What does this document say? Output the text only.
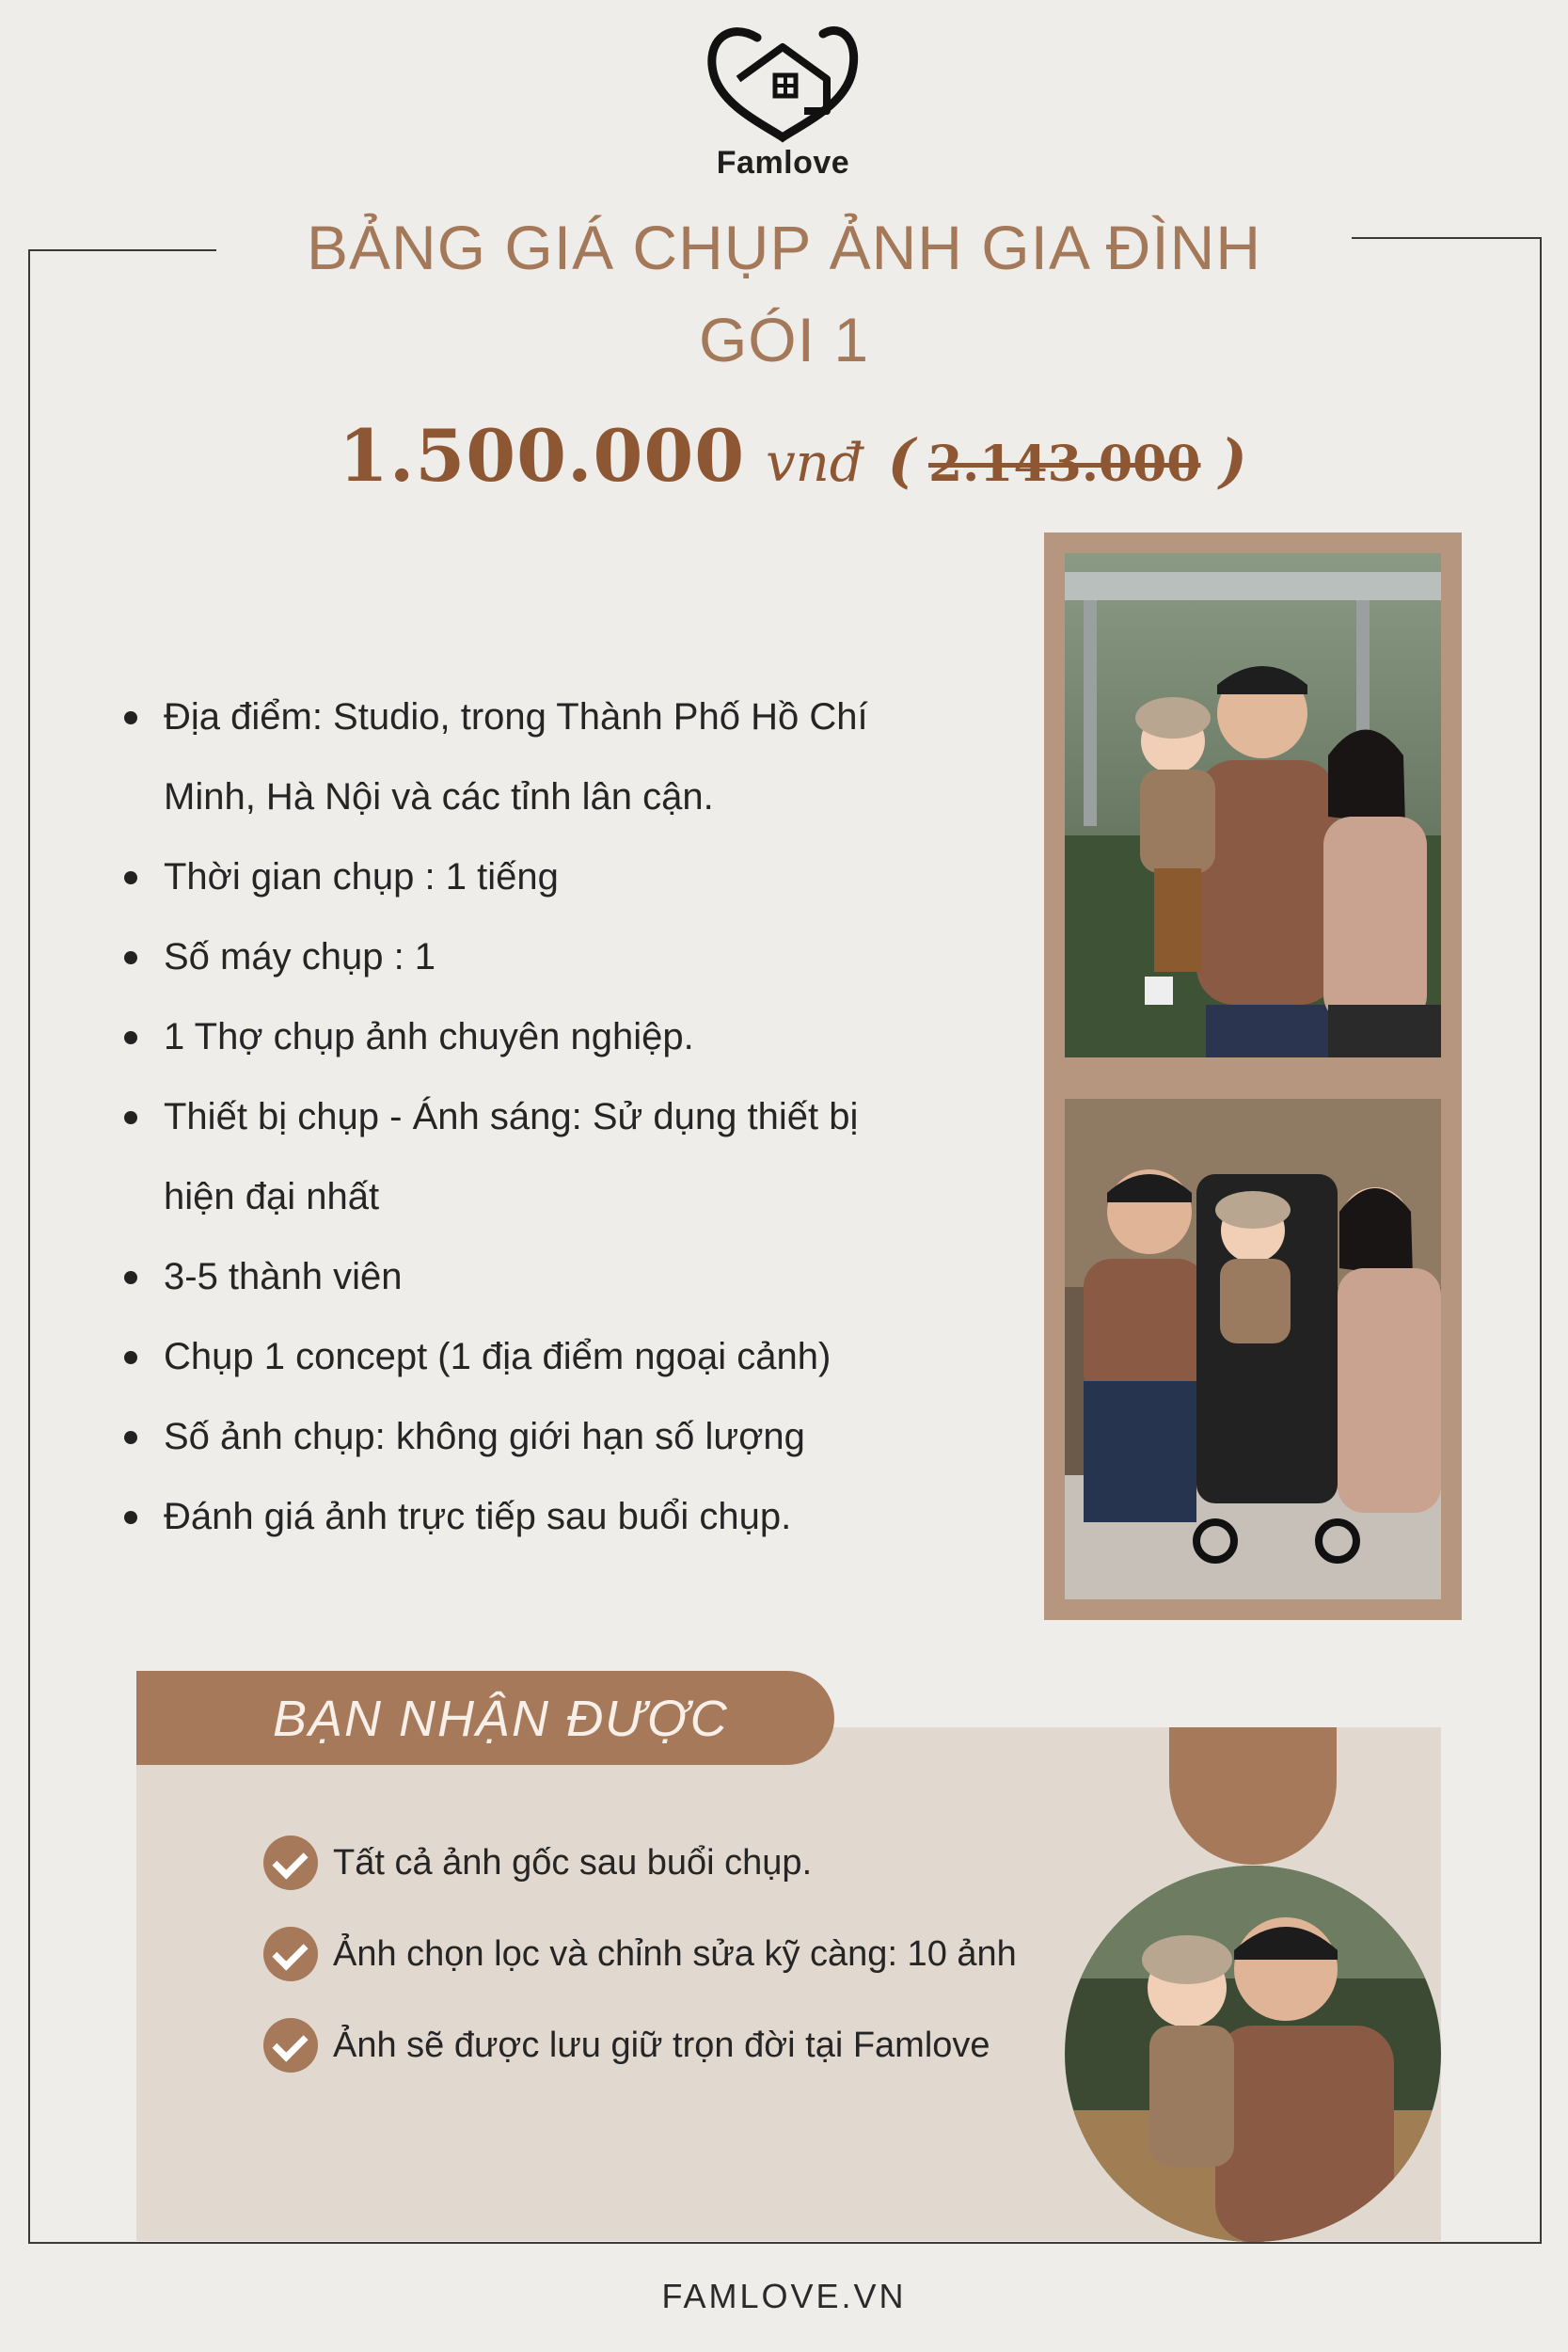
Famlove
BẢNG GIÁ CHỤP ẢNH GIA ĐÌNH
GÓI 1
1.500.000 vnđ ( 2.143.000 )
Địa điểm: Studio, trong Thành Phố Hồ Chí
Minh, Hà Nội và các tỉnh lân cận.
Thời gian chụp : 1 tiếng
Số máy chụp : 1
1 Thợ chụp ảnh chuyên nghiệp.
Thiết bị chụp - Ánh sáng: Sử dụng thiết bị
hiện đại nhất
3-5 thành viên
Chụp 1 concept (1 địa điểm ngoại cảnh)
Số ảnh chụp: không giới hạn số lượng
Đánh giá ảnh trực tiếp sau buổi chụp.
BẠN NHẬN ĐƯỢC
Tất cả ảnh gốc sau buổi chụp.
Ảnh chọn lọc và chỉnh sửa kỹ càng: 10 ảnh
Ảnh sẽ được lưu giữ trọn đời tại Famlove
FAMLOVE.VN
